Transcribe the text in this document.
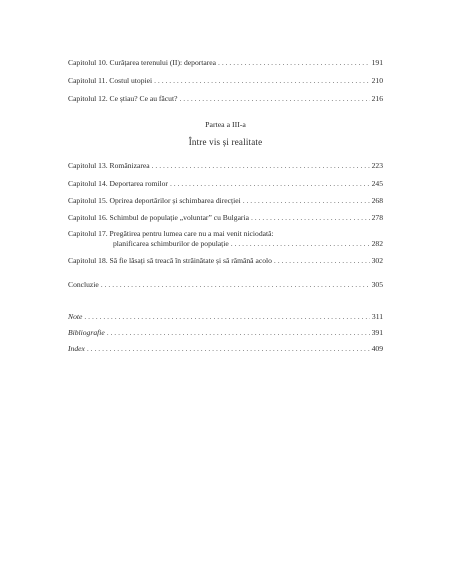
Capitolul 10. Curățarea terenului (II): deportarea . . .	191
Capitolul 11. Costul utopiei . . .	210
Capitolul 12. Ce știau? Ce au făcut? . . .	216
Partea a III-a
Între vis și realitate
Capitolul 13. Românizarea . . .	223
Capitolul 14. Deportarea romilor . . .	245
Capitolul 15. Oprirea deportărilor și schimbarea direcției . . .	268
Capitolul 16. Schimbul de populație „voluntar” cu Bulgaria . . .	278
Capitolul 17. Pregătirea pentru lumea care nu a mai venit niciodată:
planificarea schimburilor de populație . . .	282
Capitolul 18. Să fie lăsați să treacă în străinătate și să rămână acolo . . .	302
Concluzie . . .	305
Note . . .	311
Bibliografie . . .	391
Index . . .	409
